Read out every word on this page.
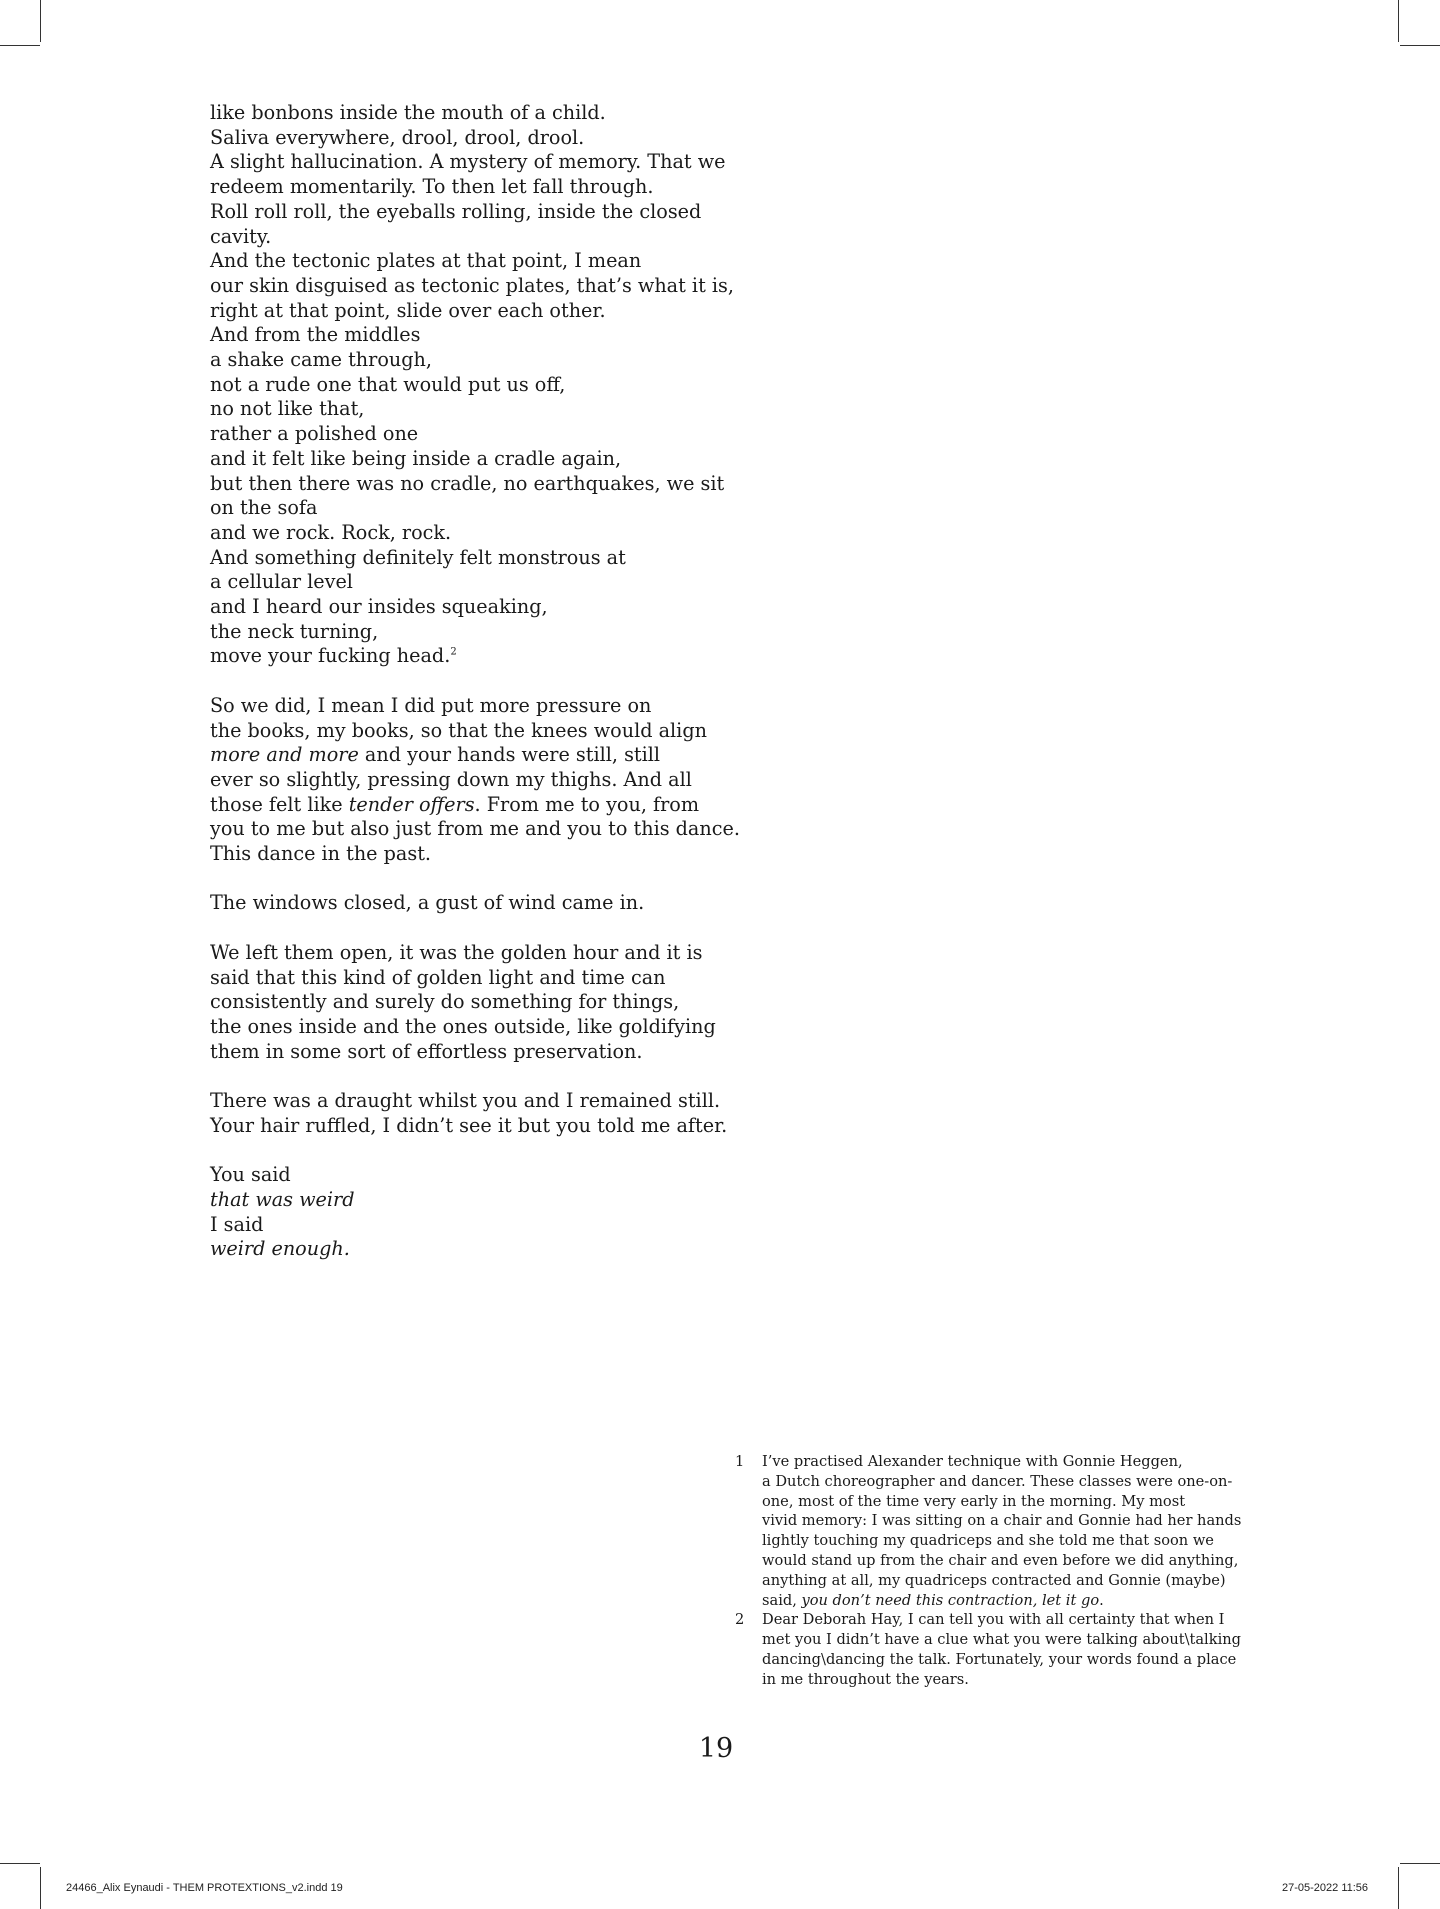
like bonbons inside the mouth of a child.
Saliva everywhere, drool, drool, drool.
A slight hallucination. A mystery of memory. That we
redeem momentarily. To then let fall through.
Roll roll roll, the eyeballs rolling, inside the closed
cavity.
And the tectonic plates at that point, I mean
our skin disguised as tectonic plates, that’s what it is,
right at that point, slide over each other.
And from the middles
a shake came through,
not a rude one that would put us off,
no not like that,
rather a polished one
and it felt like being inside a cradle again,
but then there was no cradle, no earthquakes, we sit
on the sofa
and we rock. Rock, rock.
And something definitely felt monstrous at
a cellular level
and I heard our insides squeaking,
the neck turning,
move your fucking head.$^2$
So we did, I mean I did put more pressure on
the books, my books, so that the knees would align
more and more and your hands were still, still
ever so slightly, pressing down my thighs. And all
those felt like tender offers. From me to you, from
you to me but also just from me and you to this dance.
This dance in the past.
The windows closed, a gust of wind came in.
We left them open, it was the golden hour and it is
said that this kind of golden light and time can
consistently and surely do something for things,
the ones inside and the ones outside, like goldifying
them in some sort of effortless preservation.
There was a draught whilst you and I remained still.
Your hair ruffled, I didn’t see it but you told me after.
You said
that was weird
I said
weird enough.
1 I’ve practised Alexander technique with Gonnie Heggen,
a Dutch choreographer and dancer. These classes were one-on-
one, most of the time very early in the morning. My most
vivid memory: I was sitting on a chair and Gonnie had her hands
lightly touching my quadriceps and she told me that soon we
would stand up from the chair and even before we did anything,
anything at all, my quadriceps contracted and Gonnie (maybe)
said, you don’t need this contraction, let it go.
2 Dear Deborah Hay, I can tell you with all certainty that when I
met you I didn’t have a clue what you were talking about\talking
dancing\dancing the talk. Fortunately, your words found a place
in me throughout the years.
19
24466_Alix Eynaudi - THEM PROTEXTIONS_v2.indd 19	27-05-2022 11:56
